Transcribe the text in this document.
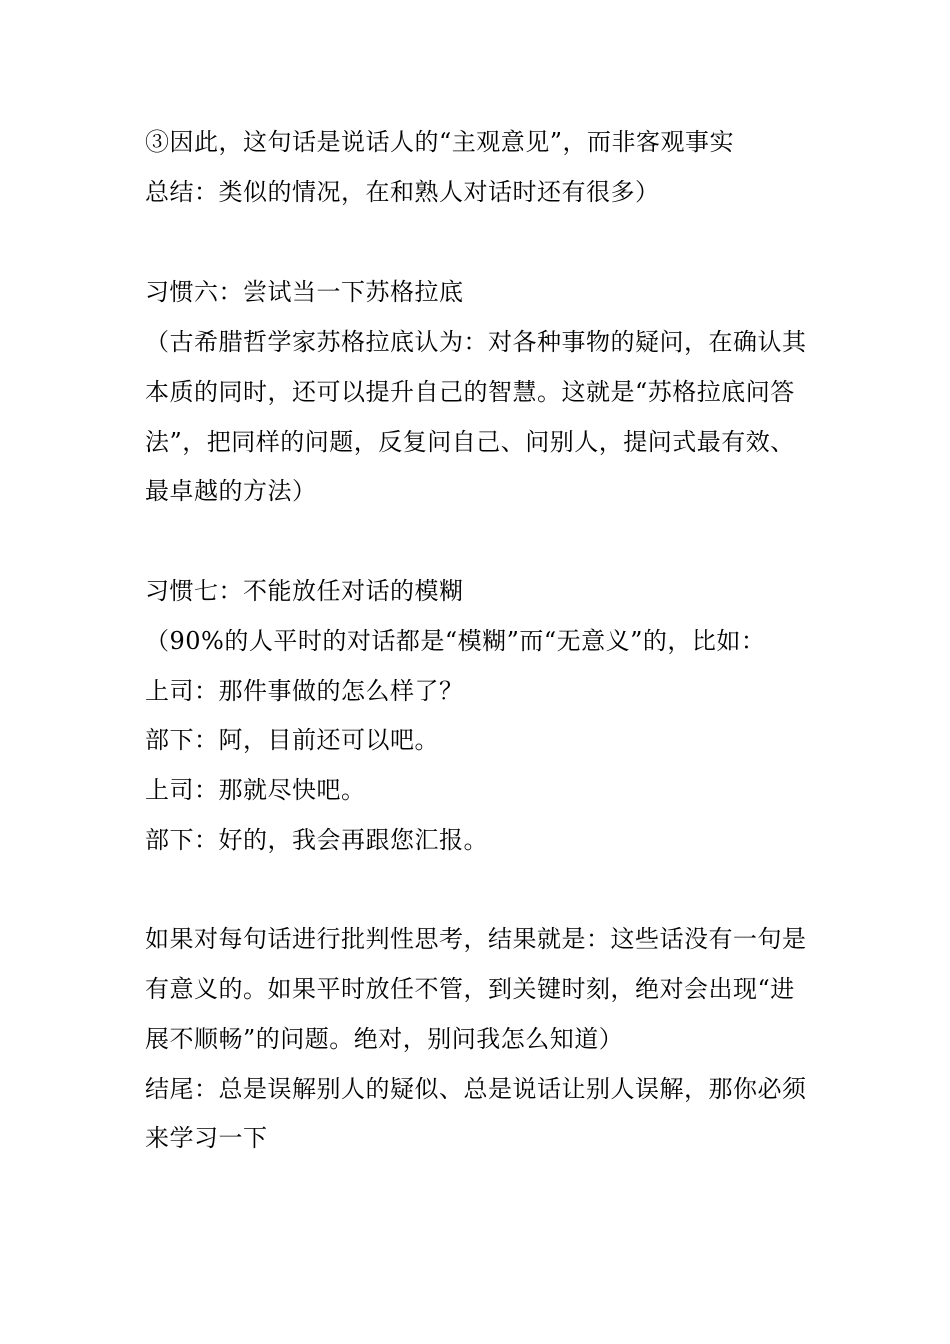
③因此，这句话是说话人的“主观意见”，而非客观事实
总结：类似的情况，在和熟人对话时还有很多）
习惯六：尝试当一下苏格拉底
（古希腊哲学家苏格拉底认为：对各种事物的疑问，在确认其
本质的同时，还可以提升自己的智慧。这就是“苏格拉底问答
法”，把同样的问题，反复问自己、问别人，提问式最有效、
最卓越的方法）
习惯七：不能放任对话的模糊
（90%的人平时的对话都是“模糊”而“无意义”的，比如：
上司：那件事做的怎么样了？
部下：阿，目前还可以吧。
上司：那就尽快吧。
部下：好的，我会再跟您汇报。
如果对每句话进行批判性思考，结果就是：这些话没有一句是
有意义的。如果平时放任不管，到关键时刻，绝对会出现“进
展不顺畅”的问题。绝对，别问我怎么知道）
结尾：总是误解别人的疑似、总是说话让别人误解，那你必须
来学习一下
